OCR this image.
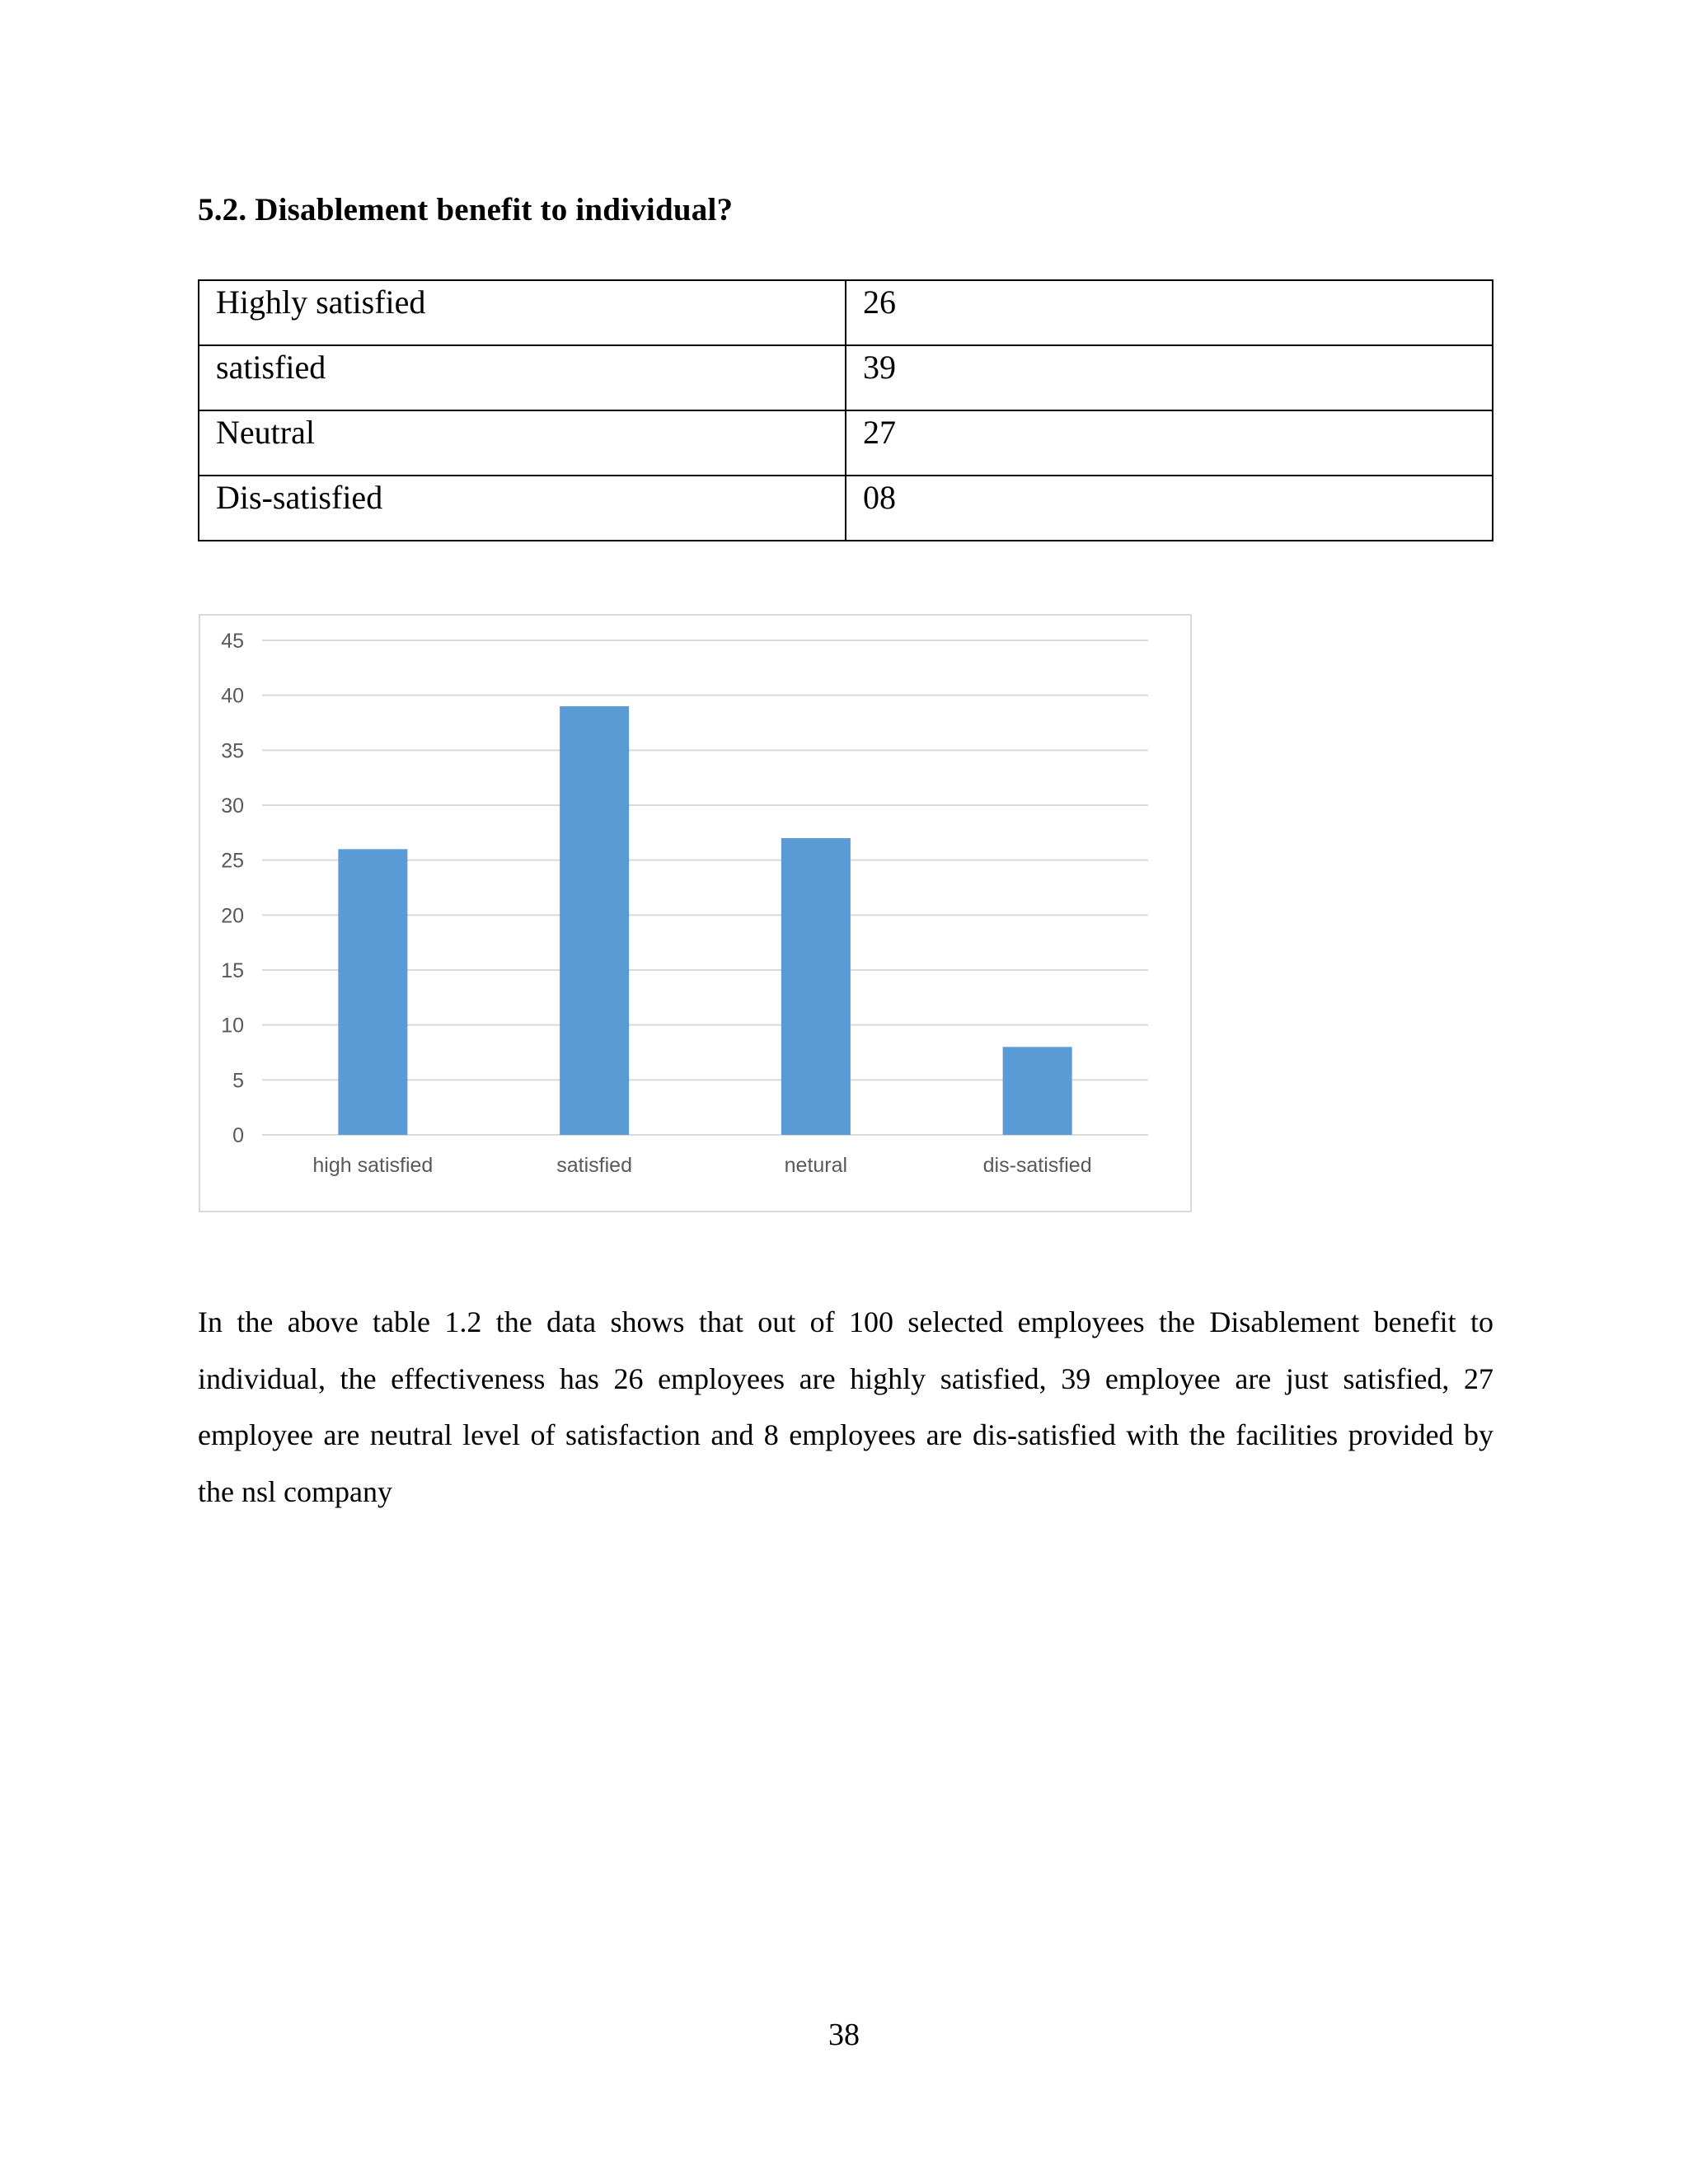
5.2. Disablement benefit to individual?
Highly satisfied	26
satisfied	39
Neutral	27
Dis-satisfied	08
0
5
10
15
20
25
30
35
40
45
high satisfied	satisfied	netural	dis-satisfied

In the above table 1.2 the data shows that out of 100 selected employees the Disablement benefit to individual, the effectiveness has 26 employees are highly satisfied, 39 employee are just satisfied, 27 employee are neutral level of satisfaction and 8 employees are dis-satisfied with the facilities provided by the nsl company

38
